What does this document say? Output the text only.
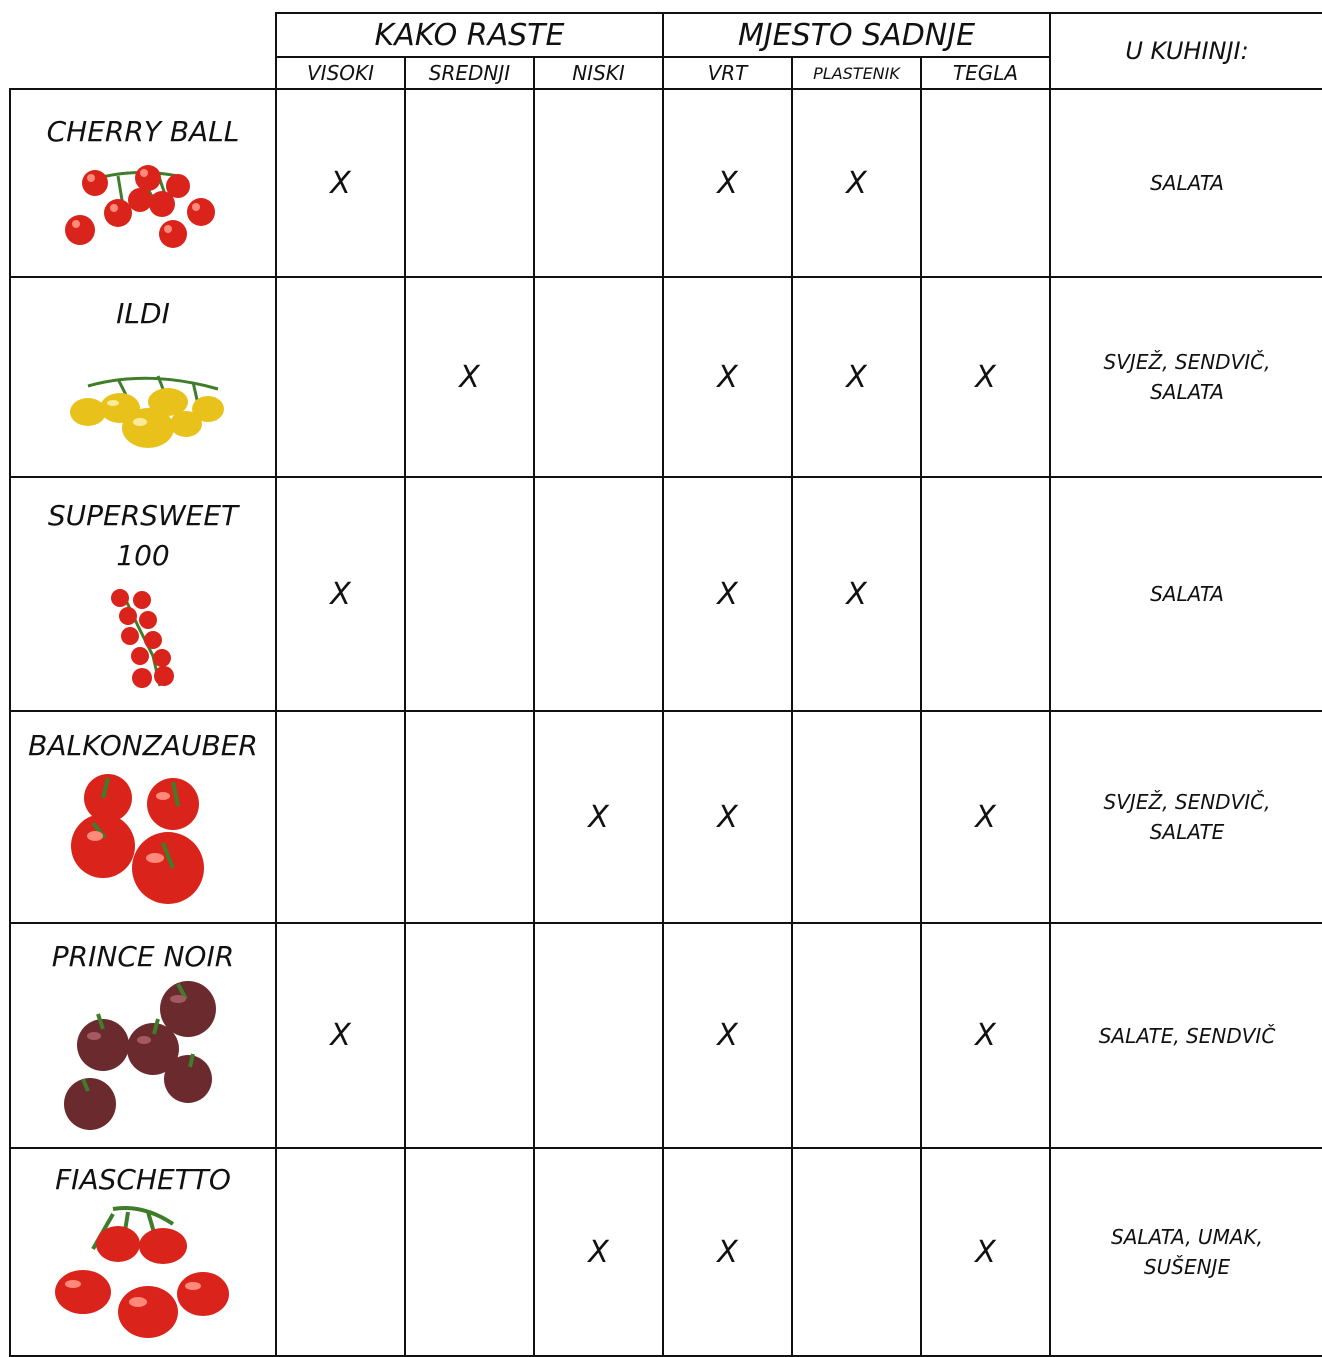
	KAKO RASTE			MJESTO SADNJE			U KUHINJI:
	VISOKI	SREDNJI	NISKI	VRT	PLASTENIK	TEGLA	

CHERRY BALL	X			X	X		SALATA

ILDI		X		X	X	X	SVJEŽ, SENDVIČ, SALATA

SUPERSWEET 100	X			X	X		SALATA

BALKONZAUBER			X	X		X	SVJEŽ, SENDVIČ, SALATE

PRINCE NOIR	X			X		X	SALATE, SENDVIČ

FIASCHETTO			X	X		X	SALATA, UMAK, SUŠENJE
